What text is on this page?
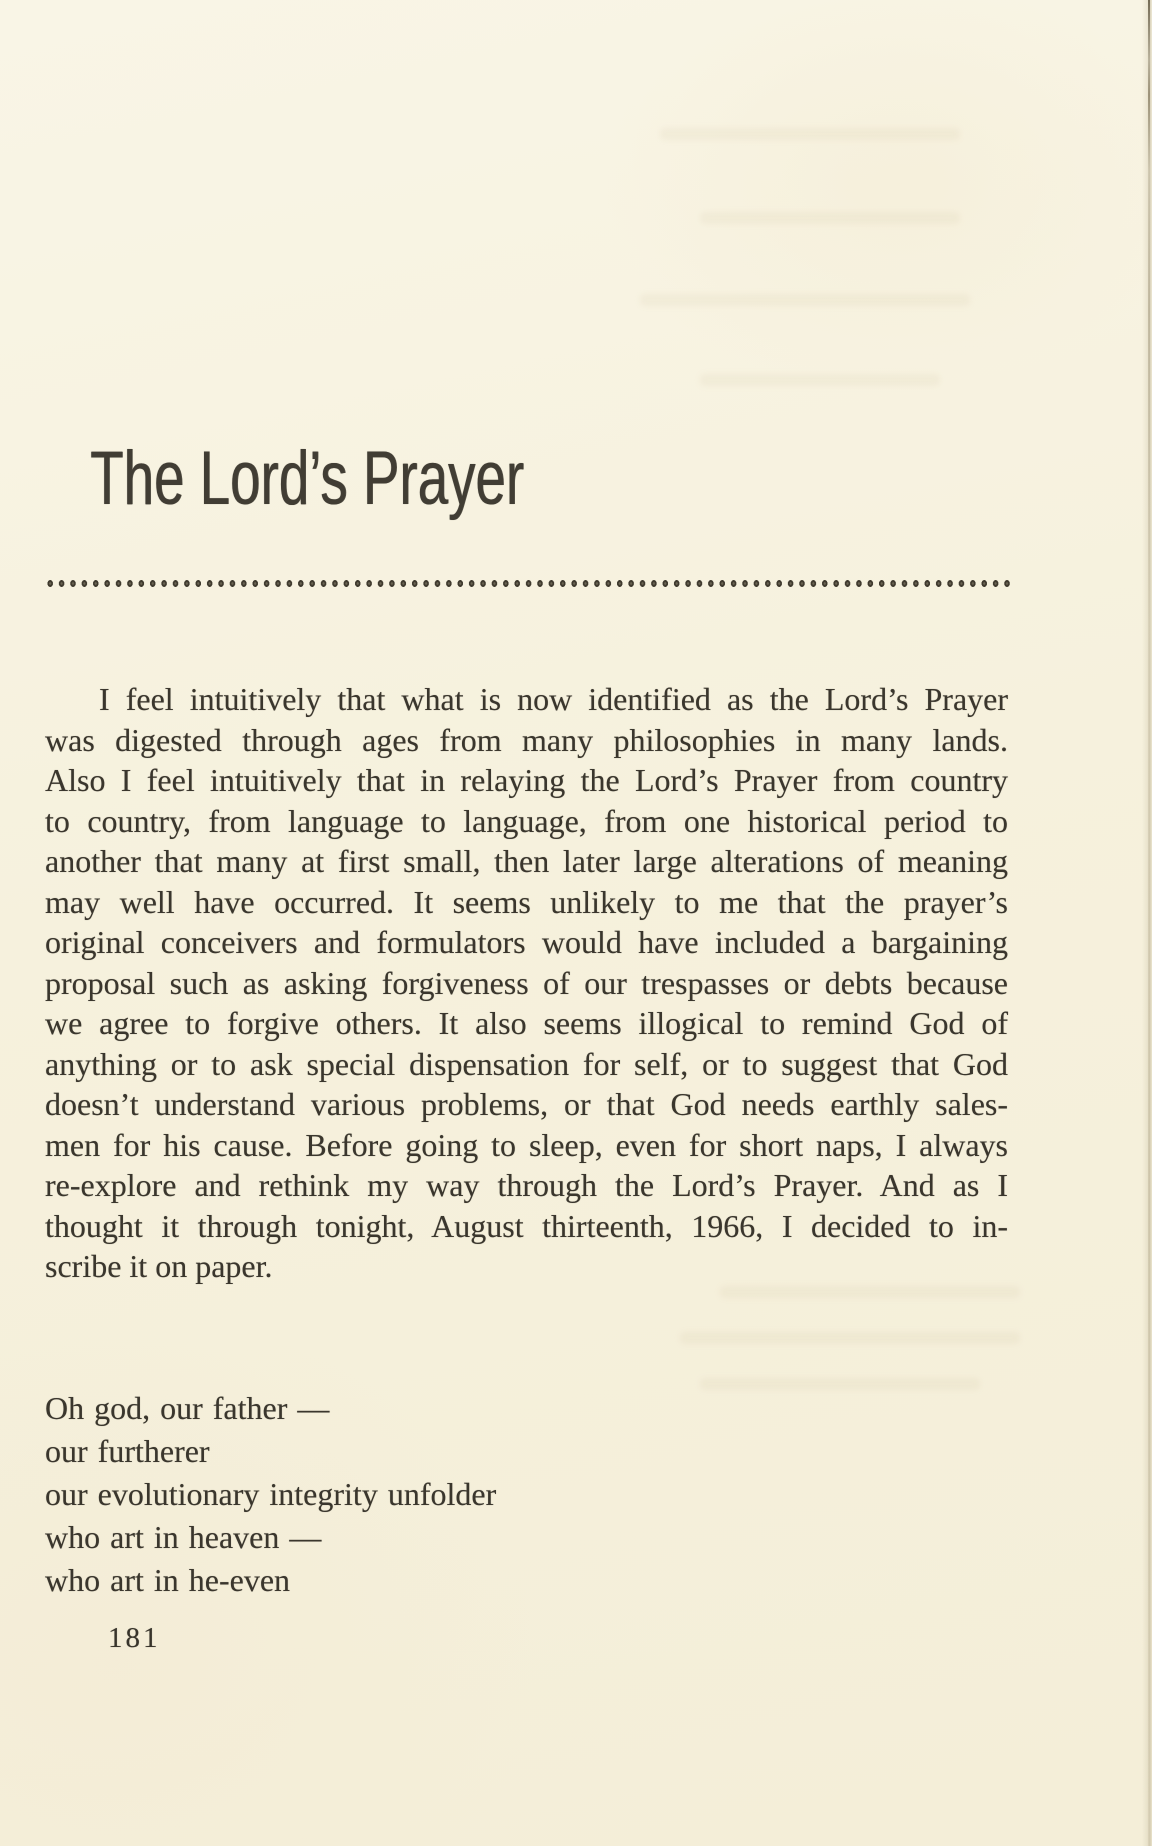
The Lord’s Prayer
I feel intuitively that what is now identified as the Lord’s Prayer
was digested through ages from many philosophies in many lands.
Also I feel intuitively that in relaying the Lord’s Prayer from country
to country, from language to language, from one historical period to
another that many at first small, then later large alterations of meaning
may well have occurred. It seems unlikely to me that the prayer’s
original conceivers and formulators would have included a bargaining
proposal such as asking forgiveness of our trespasses or debts because
we agree to forgive others. It also seems illogical to remind God of
anything or to ask special dispensation for self, or to suggest that God
doesn’t understand various problems, or that God needs earthly sales-
men for his cause. Before going to sleep, even for short naps, I always
re-explore and rethink my way through the Lord’s Prayer. And as I
thought it through tonight, August thirteenth, 1966, I decided to in-
scribe it on paper.
Oh god, our father —
our furtherer
our evolutionary integrity unfolder
who art in heaven —
who art in he-even
181
